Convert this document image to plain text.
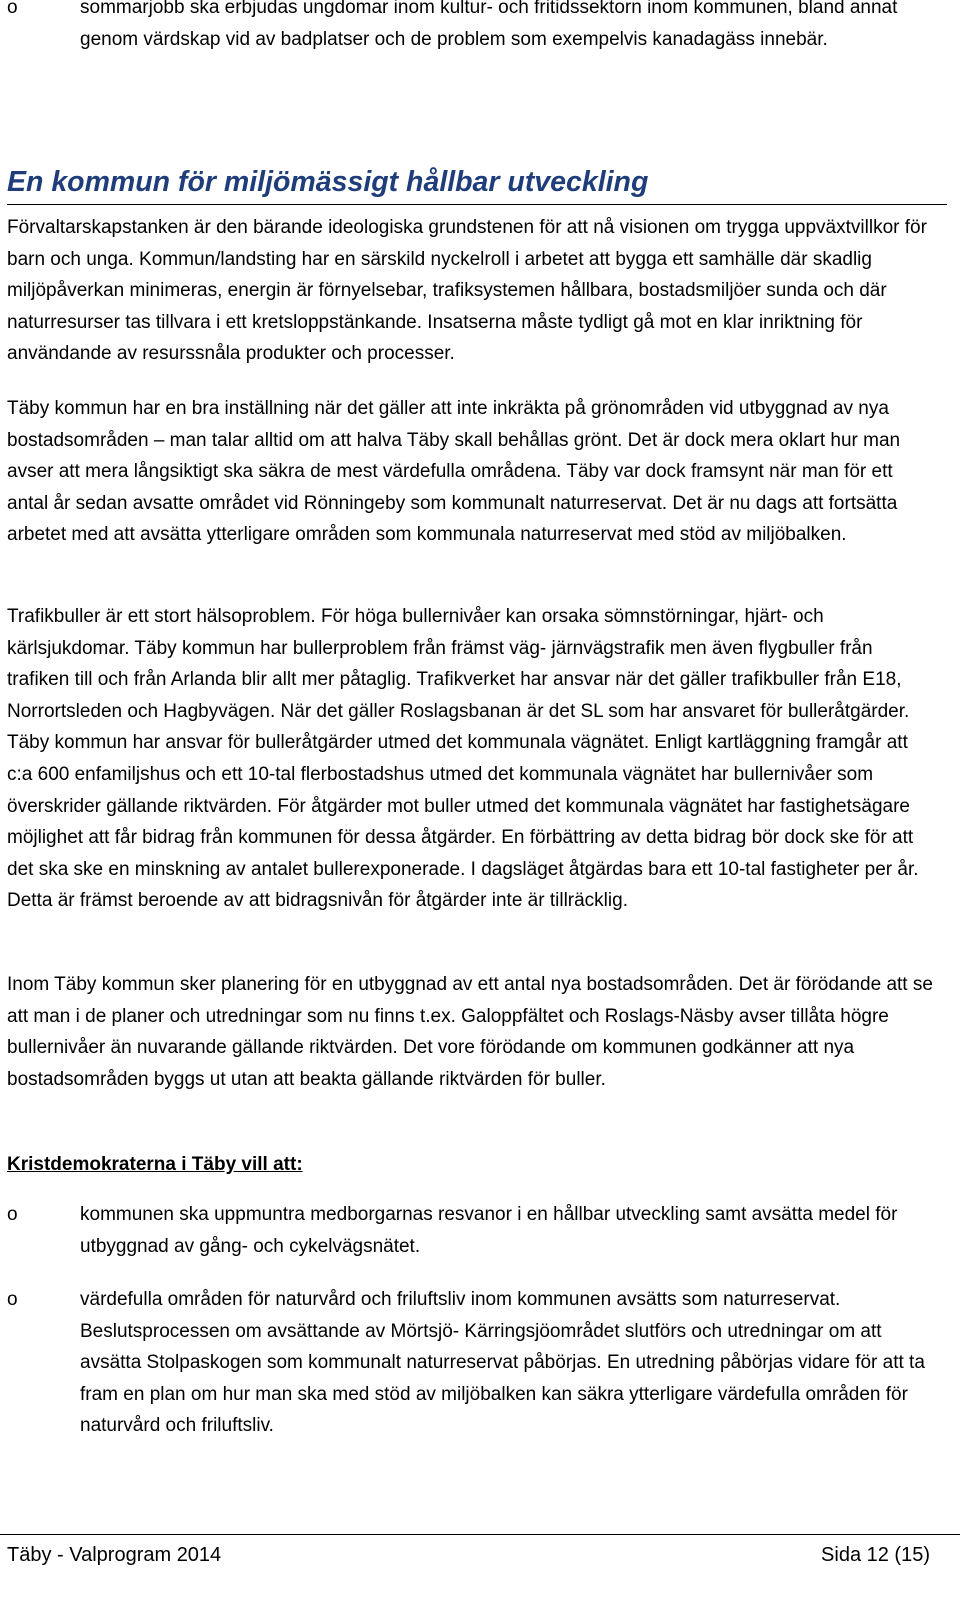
o	sommarjobb ska erbjudas ungdomar inom kultur- och fritidssektorn inom kommunen, bland annat genom värdskap vid av badplatser och de problem som exempelvis kanadagäss innebär.
En kommun för miljömässigt hållbar utveckling
Förvaltarskapstanken är den bärande ideologiska grundstenen för att nå visionen om trygga uppväxtvillkor för barn och unga. Kommun/landsting har en särskild nyckelroll i arbetet att bygga ett samhälle där skadlig miljöpåverkan minimeras, energin är förnyelsebar, trafiksystemen hållbara, bostadsmiljöer sunda och där naturresurser tas tillvara i ett kretsloppstänkande. Insatserna måste tydligt gå mot en klar inriktning för användande av resurssnåla produkter och processer.
Täby kommun har en bra inställning när det gäller att inte inkräkta på grönområden vid utbyggnad av nya bostadsområden – man talar alltid om att halva Täby skall behållas grönt. Det är dock mera oklart hur man avser att mera långsiktigt ska säkra de mest värdefulla områdena. Täby var dock framsynt när man för ett antal år sedan avsatte området vid Rönningeby som kommunalt naturreservat. Det är nu dags att fortsätta arbetet med att avsätta ytterligare områden som kommunala naturreservat med stöd av miljöbalken.
Trafikbuller är ett stort hälsoproblem. För höga bullernivåer kan orsaka sömnstörningar, hjärt- och kärlsjukdomar. Täby kommun har bullerproblem från främst väg- järnvägstrafik men även flygbuller från trafiken till och från Arlanda blir allt mer påtaglig. Trafikverket har ansvar när det gäller trafikbuller från E18, Norrortsleden och Hagbyvägen. När det gäller Roslagsbanan är det SL som har ansvaret för bulleråtgärder. Täby kommun har ansvar för bulleråtgärder utmed det kommunala vägnätet. Enligt kartläggning framgår att c:a 600 enfamiljshus och ett 10-tal flerbostadshus utmed det kommunala vägnätet har bullernivåer som överskrider gällande riktvärden. För åtgärder mot buller utmed det kommunala vägnätet har fastighetsägare möjlighet att får bidrag från kommunen för dessa åtgärder. En förbättring av detta bidrag bör dock ske för att det ska ske en minskning av antalet bullerexponerade. I dagsläget åtgärdas bara ett 10-tal fastigheter per år. Detta är främst beroende av att bidragsnivån för åtgärder inte är tillräcklig.
Inom Täby kommun sker planering för en utbyggnad av ett antal nya bostadsområden. Det är förödande att se att man i de planer och utredningar som nu finns t.ex. Galoppfältet och Roslags-Näsby avser tillåta högre bullernivåer än nuvarande gällande riktvärden. Det vore förödande om kommunen godkänner att nya bostadsområden byggs ut utan att beakta gällande riktvärden för buller.
Kristdemokraterna i Täby vill att:
o	kommunen ska uppmuntra medborgarnas resvanor i en hållbar utveckling samt avsätta medel för utbyggnad av gång- och cykelvägsnätet.
o	värdefulla områden för naturvård och friluftsliv inom kommunen avsätts som naturreservat. Beslutsprocessen om avsättande av Mörtsjö- Kärringsjöområdet slutförs och utredningar om att avsätta Stolpaskogen som kommunalt naturreservat påbörjas. En utredning påbörjas vidare för att ta fram en plan om hur man ska med stöd av miljöbalken kan säkra ytterligare värdefulla områden för naturvård och friluftsliv.
Täby - Valprogram 2014	Sida 12 (15)
